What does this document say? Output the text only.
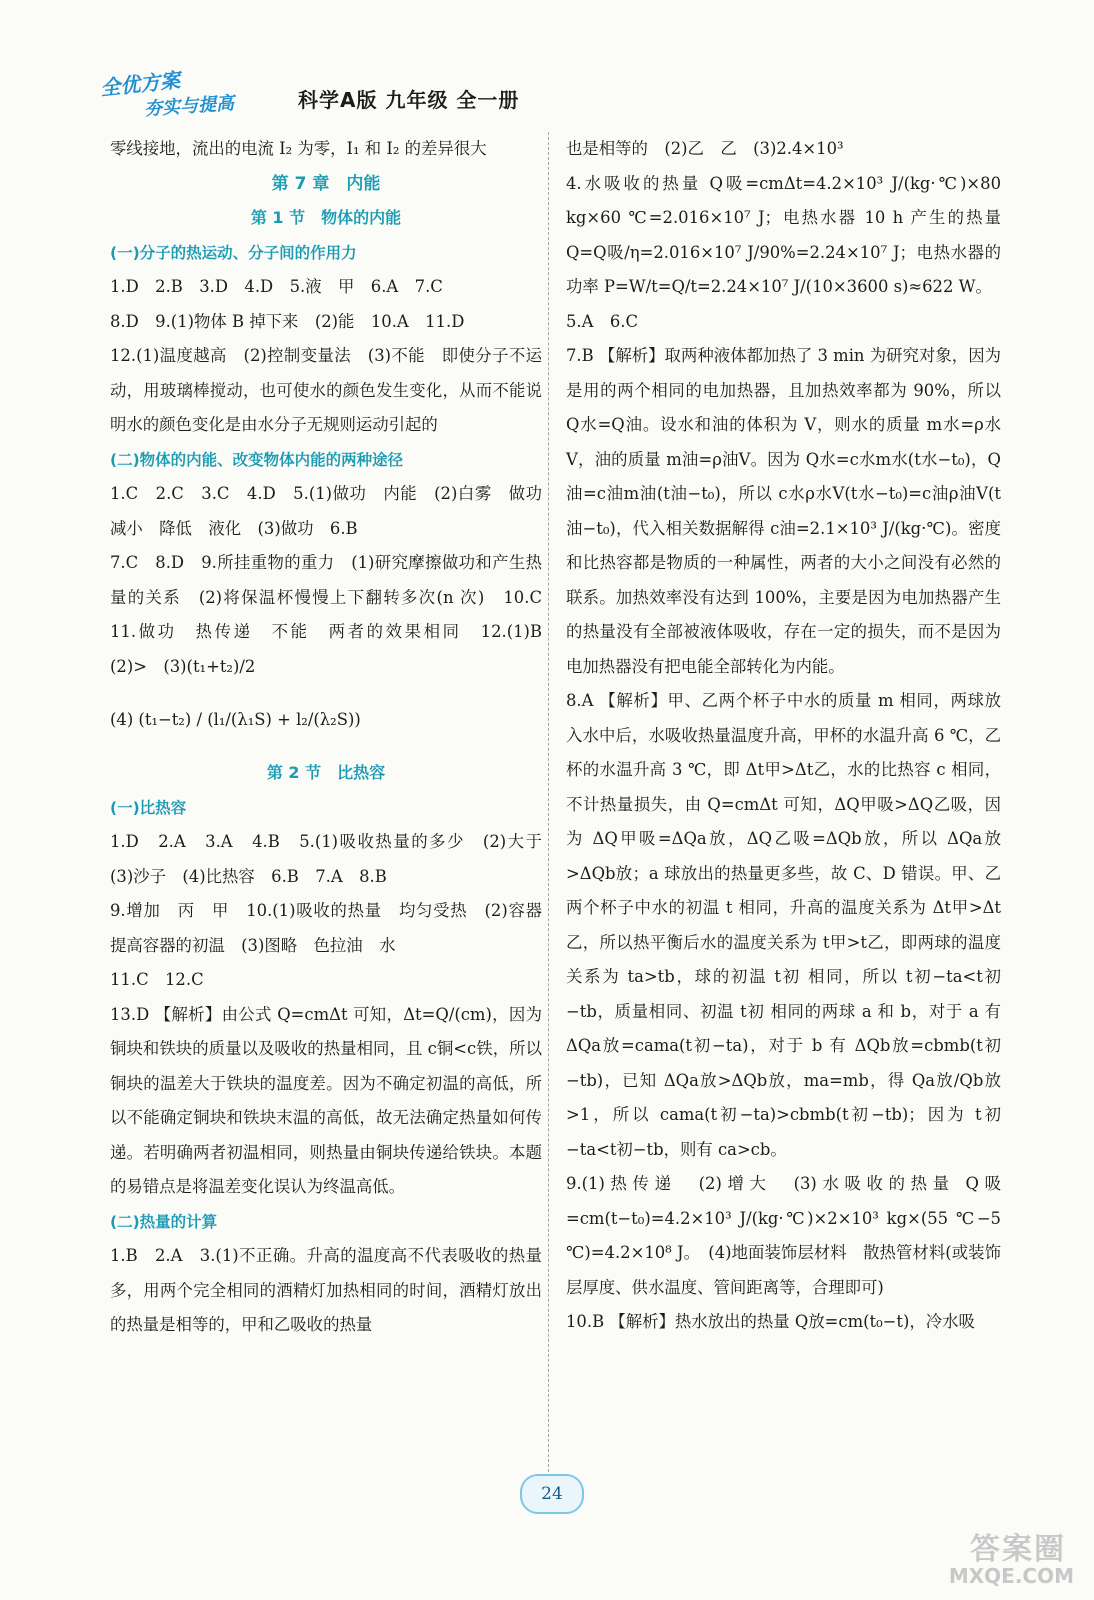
全优方案
夯实与提高	科学A版 九年级 全一册

零线接地，流出的电流 I₂ 为零，I₁ 和 I₂ 的差异很大

第 7 章　内能

第 1 节　物体的内能

(一)分子的热运动、分子间的作用力

1.D　2.B　3.D　4.D　5.液　甲　6.A　7.C

8.D　9.(1)物体 B 掉下来　(2)能　10.A　11.D

12.(1)温度越高　(2)控制变量法　(3)不能　即使分子不运动，用玻璃棒搅动，也可使水的颜色发生变化，从而不能说明水的颜色变化是由水分子无规则运动引起的

(二)物体的内能、改变物体内能的两种途径

1.C　2.C　3.C　4.D　5.(1)做功　内能　(2)白雾　做功　减小　降低　液化　(3)做功　6.B

7.C　8.D　9.所挂重物的重力　(1)研究摩擦做功和产生热量的关系　(2)将保温杯慢慢上下翻转多次(n 次)　10.C　11.做功　热传递　不能　两者的效果相同　12.(1)B　(2)>　(3)(t₁+t₂)/2

(4) (t₁−t₂) / (l₁/(λ₁S) + l₂/(λ₂S))

第 2 节　比热容

(一)比热容

1.D　2.A　3.A　4.B　5.(1)吸收热量的多少　(2)大于　(3)沙子　(4)比热容　6.B　7.A　8.B

9.增加　丙　甲　10.(1)吸收的热量　均匀受热　(2)容器　提高容器的初温　(3)图略　色拉油　水

11.C　12.C

13.D 【解析】由公式 Q=cmΔt 可知，Δt=Q/(cm)，因为铜块和铁块的质量以及吸收的热量相同，且 c铜<c铁，所以铜块的温差大于铁块的温度差。因为不确定初温的高低，所以不能确定铜块和铁块末温的高低，故无法确定热量如何传递。若明确两者初温相同，则热量由铜块传递给铁块。本题的易错点是将温差变化误认为终温高低。

(二)热量的计算

1.B　2.A　3.(1)不正确。升高的温度高不代表吸收的热量多，用两个完全相同的酒精灯加热相同的时间，酒精灯放出的热量是相等的，甲和乙吸收的热量

也是相等的　(2)乙　乙　(3)2.4×10³

4.水吸收的热量 Q吸=cmΔt=4.2×10³ J/(kg·℃)×80 kg×60 ℃=2.016×10⁷ J；电热水器 10 h 产生的热量 Q=Q吸/η=2.016×10⁷ J/90%=2.24×10⁷ J；电热水器的功率 P=W/t=Q/t=2.24×10⁷ J/(10×3600 s)≈622 W。

5.A　6.C

7.B 【解析】取两种液体都加热了 3 min 为研究对象，因为是用的两个相同的电加热器，且加热效率都为 90%，所以 Q水=Q油。设水和油的体积为 V，则水的质量 m水=ρ水V，油的质量 m油=ρ油V。因为 Q水=c水m水(t水−t₀)，Q油=c油m油(t油−t₀)，所以 c水ρ水V(t水−t₀)=c油ρ油V(t油−t₀)，代入相关数据解得 c油=2.1×10³ J/(kg·℃)。密度和比热容都是物质的一种属性，两者的大小之间没有必然的联系。加热效率没有达到 100%，主要是因为电加热器产生的热量没有全部被液体吸收，存在一定的损失，而不是因为电加热器没有把电能全部转化为内能。

8.A 【解析】甲、乙两个杯子中水的质量 m 相同，两球放入水中后，水吸收热量温度升高，甲杯的水温升高 6 ℃，乙杯的水温升高 3 ℃，即 Δt甲>Δt乙，水的比热容 c 相同，不计热量损失，由 Q=cmΔt 可知，ΔQ甲吸>ΔQ乙吸，因为 ΔQ甲吸=ΔQa放，ΔQ乙吸=ΔQb放，所以 ΔQa放>ΔQb放；a 球放出的热量更多些，故 C、D 错误。甲、乙两个杯子中水的初温 t 相同，升高的温度关系为 Δt甲>Δt乙，所以热平衡后水的温度关系为 t甲>t乙，即两球的温度关系为 ta>tb，球的初温 t初 相同，所以 t初−ta<t初−tb，质量相同、初温 t初 相同的两球 a 和 b，对于 a 有 ΔQa放=cama(t初−ta)，对于 b 有 ΔQb放=cbmb(t初−tb)，已知 ΔQa放>ΔQb放，ma=mb，得 Qa放/Qb放>1，所以 cama(t初−ta)>cbmb(t初−tb)；因为 t初−ta<t初−tb，则有 ca>cb。

9.(1)热传递　(2)增大　(3)水吸收的热量 Q吸=cm(t−t₀)=4.2×10³ J/(kg·℃)×2×10³ kg×(55 ℃−5 ℃)=4.2×10⁸ J。　(4)地面装饰层材料　散热管材料(或装饰层厚度、供水温度、管间距离等，合理即可)

10.B 【解析】热水放出的热量 Q放=cm(t₀−t)，冷水吸

24
答案圈
MXQE.COM
